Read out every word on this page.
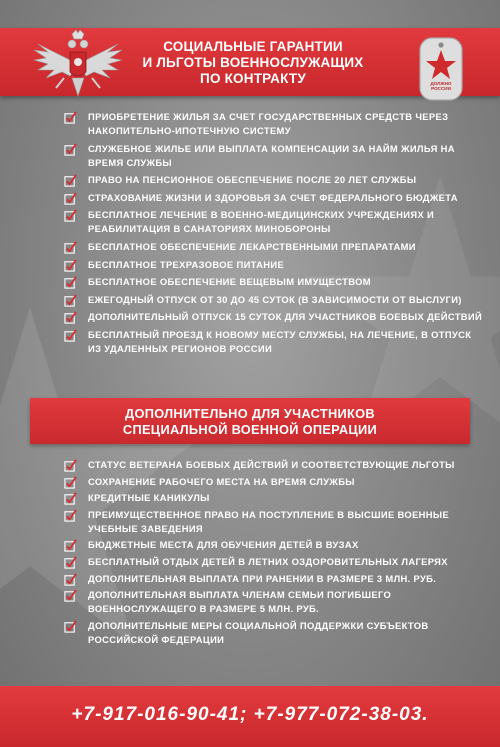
СОЦИАЛЬНЫЕ ГАРАНТИИ
И ЛЬГОТЫ ВОЕННОСЛУЖАЩИХ
ПО КОНТРАКТУ	ДОЛЖНО
РОССИИ
ПРИОБРЕТЕНИЕ ЖИЛЬЯ ЗА СЧЕТ ГОСУДАРСТВЕННЫХ СРЕДСТВ ЧЕРЕЗ НАКОПИТЕЛЬНО-ИПОТЕЧНУЮ СИСТЕМУ
СЛУЖЕБНОЕ ЖИЛЬЕ ИЛИ ВЫПЛАТА КОМПЕНСАЦИИ ЗА НАЙМ ЖИЛЬЯ НА ВРЕМЯ СЛУЖБЫ
ПРАВО НА ПЕНСИОННОЕ ОБЕСПЕЧЕНИЕ ПОСЛЕ 20 ЛЕТ СЛУЖБЫ
СТРАХОВАНИЕ ЖИЗНИ И ЗДОРОВЬЯ ЗА СЧЕТ ФЕДЕРАЛЬНОГО БЮДЖЕТА
БЕСПЛАТНОЕ ЛЕЧЕНИЕ В ВОЕННО-МЕДИЦИНСКИХ УЧРЕЖДЕНИЯХ И РЕАБИЛИТАЦИЯ В САНАТОРИЯХ МИНОБОРОНЫ
БЕСПЛАТНОЕ ОБЕСПЕЧЕНИЕ ЛЕКАРСТВЕННЫМИ ПРЕПАРАТАМИ
БЕСПЛАТНОЕ ТРЕХРАЗОВОЕ ПИТАНИЕ
БЕСПЛАТНОЕ ОБЕСПЕЧЕНИЕ ВЕЩЕВЫМ ИМУЩЕСТВОМ
ЕЖЕГОДНЫЙ ОТПУСК ОТ 30 ДО 45 СУТОК (В ЗАВИСИМОСТИ ОТ ВЫСЛУГИ)
ДОПОЛНИТЕЛЬНЫЙ ОТПУСК 15 СУТОК ДЛЯ УЧАСТНИКОВ БОЕВЫХ ДЕЙСТВИЙ
БЕСПЛАТНЫЙ ПРОЕЗД К НОВОМУ МЕСТУ СЛУЖБЫ, НА ЛЕЧЕНИЕ, В ОТПУСК ИЗ УДАЛЕННЫХ РЕГИОНОВ РОССИИ
ДОПОЛНИТЕЛЬНО ДЛЯ УЧАСТНИКОВ
СПЕЦИАЛЬНОЙ ВОЕННОЙ ОПЕРАЦИИ
СТАТУС ВЕТЕРАНА БОЕВЫХ ДЕЙСТВИЙ И СООТВЕТСТВУЮЩИЕ ЛЬГОТЫ
СОХРАНЕНИЕ РАБОЧЕГО МЕСТА НА ВРЕМЯ СЛУЖБЫ
КРЕДИТНЫЕ КАНИКУЛЫ
ПРЕИМУЩЕСТВЕННОЕ ПРАВО НА ПОСТУПЛЕНИЕ В ВЫСШИЕ ВОЕННЫЕ УЧЕБНЫЕ ЗАВЕДЕНИЯ
БЮДЖЕТНЫЕ МЕСТА ДЛЯ ОБУЧЕНИЯ ДЕТЕЙ В ВУЗАХ
БЕСПЛАТНЫЙ ОТДЫХ ДЕТЕЙ В ЛЕТНИХ ОЗДОРОВИТЕЛЬНЫХ ЛАГЕРЯХ
ДОПОЛНИТЕЛЬНАЯ ВЫПЛАТА ПРИ РАНЕНИИ В РАЗМЕРЕ 3 МЛН. РУБ.
ДОПОЛНИТЕЛЬНАЯ ВЫПЛАТА ЧЛЕНАМ СЕМЬИ ПОГИБШЕГО ВОЕННОСЛУЖАЩЕГО В РАЗМЕРЕ 5 МЛН. РУБ.
ДОПОЛНИТЕЛЬНЫЕ МЕРЫ СОЦИАЛЬНОЙ ПОДДЕРЖКИ СУБЪЕКТОВ РОССИЙСКОЙ ФЕДЕРАЦИИ
+7-917-016-90-41; +7-977-072-38-03.
